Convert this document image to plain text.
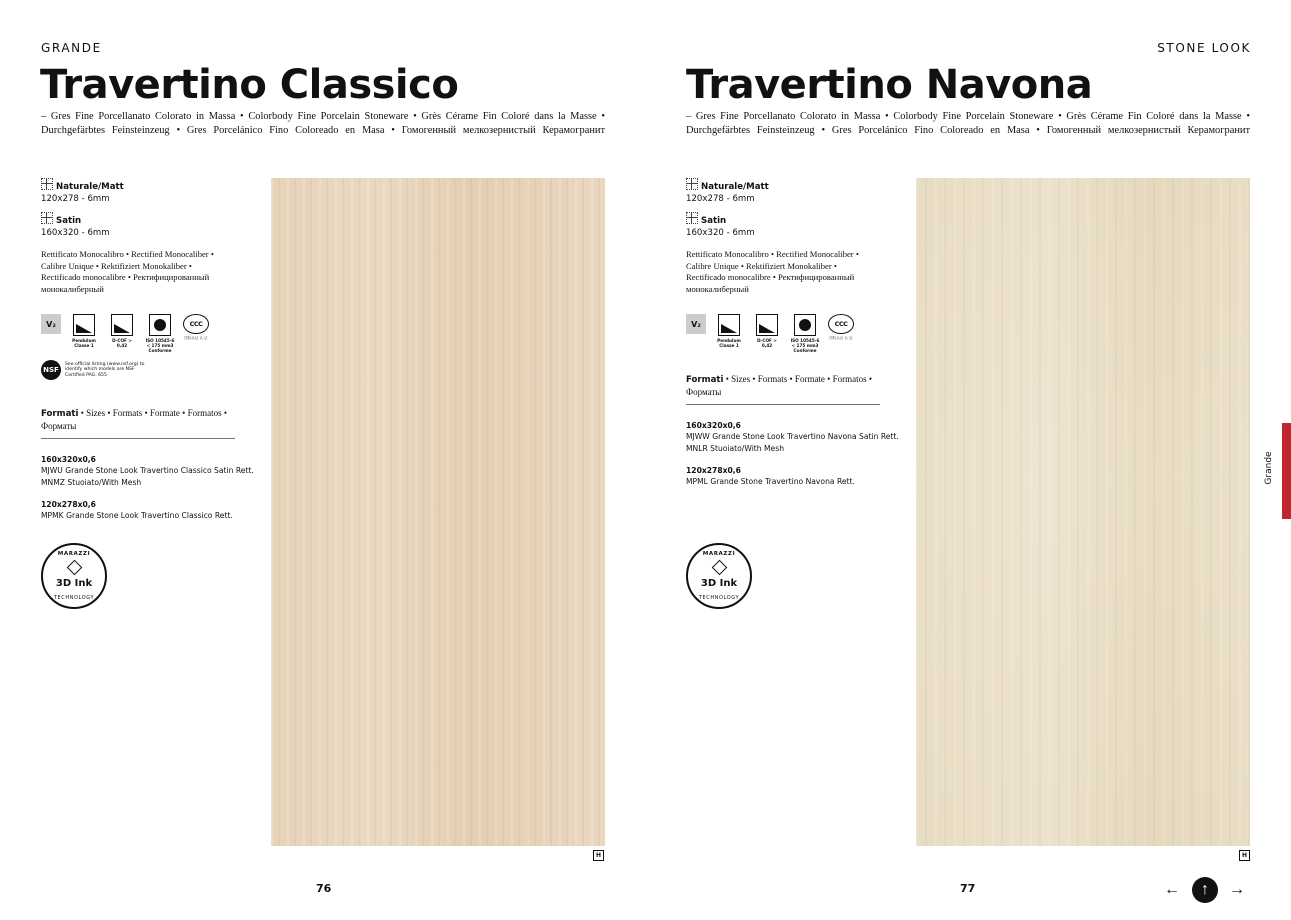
GRANDE
Travertino Classico
– Gres Fine Porcellanato Colorato in Massa • Colorbody Fine Porcelain Stoneware • Grès Cérame Fin Coloré dans la Masse •
Durchgefärbtes Feinsteinzeug • Gres Porcelánico Fino Coloreado en Masa • Гомогенный мелкозернистый Керамогранит
Naturale/Matt
120x278 - 6mm
Satin
160x320 - 6mm
Rettificato Monocalibro • Rectified Monocaliber • Calibre Unique • Rektifiziert Monokaliber • Rectificado monocalibre • Ректифицированный монокалиберный
V₂
Pendulum Classe 1
D-COF > 0,42
ISO 10545-6 < 175 mm3 Conforme
CCC
国际认证 认 证
NSF
See official listing (www.nsf.org) to identify which models are NSF Certified PAG. 655
Formati • Sizes • Formats • Formate • Formatos • Форматы
160x320x0,6
MJWU Grande Stone Look Travertino Classico Satin Rett.
MNMZ Stuoiato/With Mesh
120x278x0,6
MPMK Grande Stone Look Travertino Classico Rett.
MARAZZI
3D Ink
TECHNOLOGY
H
76
STONE LOOK
Travertino Navona
– Gres Fine Porcellanato Colorato in Massa • Colorbody Fine Porcelain Stoneware • Grès Cérame Fin Coloré dans la Masse •
Durchgefärbtes Feinsteinzeug • Gres Porcelánico Fino Coloreado en Masa • Гомогенный мелкозернистый Керамогранит
Naturale/Matt
120x278 - 6mm
Satin
160x320 - 6mm
Rettificato Monocalibro • Rectified Monocaliber • Calibre Unique • Rektifiziert Monokaliber • Rectificado monocalibre • Ректифицированный монокалиберный
V₂
Pendulum Classe 1
D-COF > 0,42
ISO 10545-6 < 175 mm3 Conforme
CCC
国际认证 认 证
Formati • Sizes • Formats • Formate • Formatos • Форматы
160x320x0,6
MJWW Grande Stone Look Travertino Navona Satin Rett.
MNLR Stuoiato/With Mesh
120x278x0,6
MPML Grande Stone Travertino Navona Rett.
MARAZZI
3D Ink
TECHNOLOGY
H
77
Grande
←	↑	→
